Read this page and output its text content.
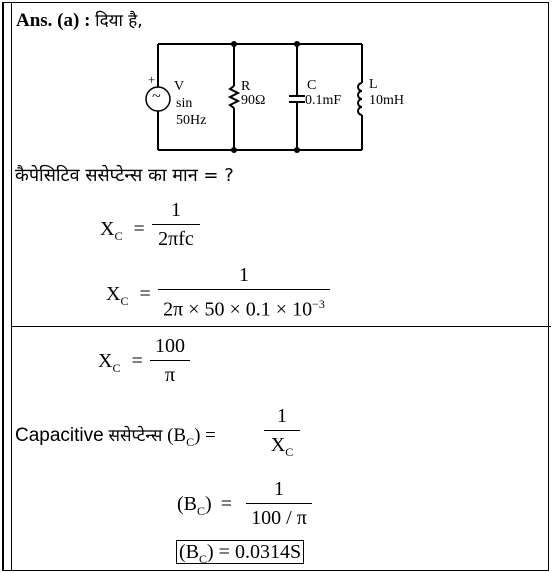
Ans. (a) : दिया है,
+
~
V
sin
50Hz
R
90Ω
C
0.1mF
L
10mH
कैपेसिटिव ससेप्टेन्स का मान = ?
$X_C$ =
1
2πfc
$X_C$ =
1
$2\pi \times 50 \times 0.1 \times 10^{-3}$
$X_C$ =
100
π
Capacitive ससेप्टेन्स $(B_C)$ =
1
$X_C$
$(B_C)$ =
1
100 / π
$(B_C) = 0.0314S$
